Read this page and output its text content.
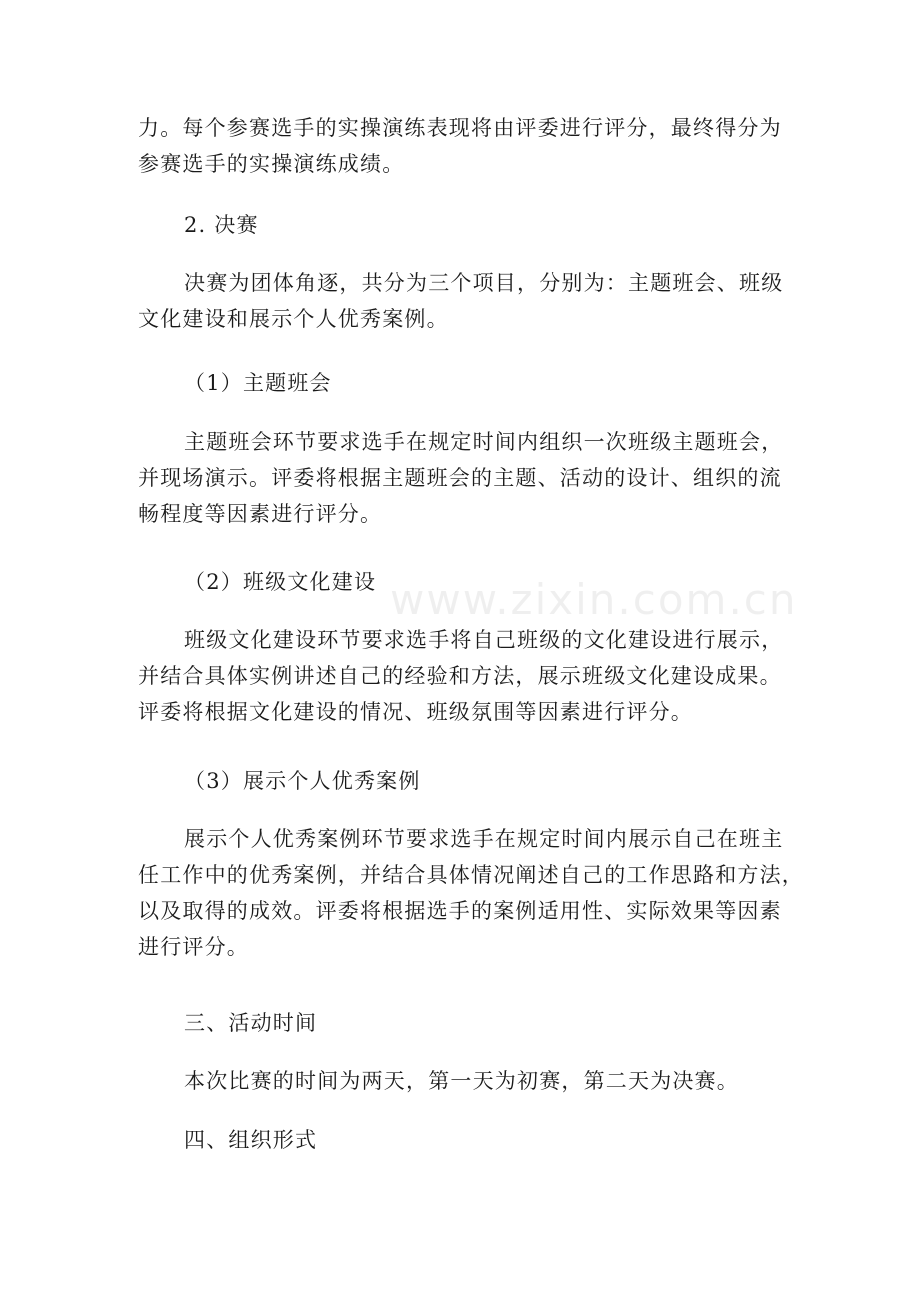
www.zixin.com.cn

力。每个参赛选手的实操演练表现将由评委进行评分，最终得分为
参赛选手的实操演练成绩。

2. 决赛

决赛为团体角逐，共分为三个项目，分别为：主题班会、班级
文化建设和展示个人优秀案例。

（1）主题班会

主题班会环节要求选手在规定时间内组织一次班级主题班会，
并现场演示。评委将根据主题班会的主题、活动的设计、组织的流
畅程度等因素进行评分。

（2）班级文化建设

班级文化建设环节要求选手将自己班级的文化建设进行展示，
并结合具体实例讲述自己的经验和方法，展示班级文化建设成果。
评委将根据文化建设的情况、班级氛围等因素进行评分。

（3）展示个人优秀案例

展示个人优秀案例环节要求选手在规定时间内展示自己在班主
任工作中的优秀案例，并结合具体情况阐述自己的工作思路和方法，
以及取得的成效。评委将根据选手的案例适用性、实际效果等因素
进行评分。

三、活动时间

本次比赛的时间为两天，第一天为初赛，第二天为决赛。

四、组织形式
